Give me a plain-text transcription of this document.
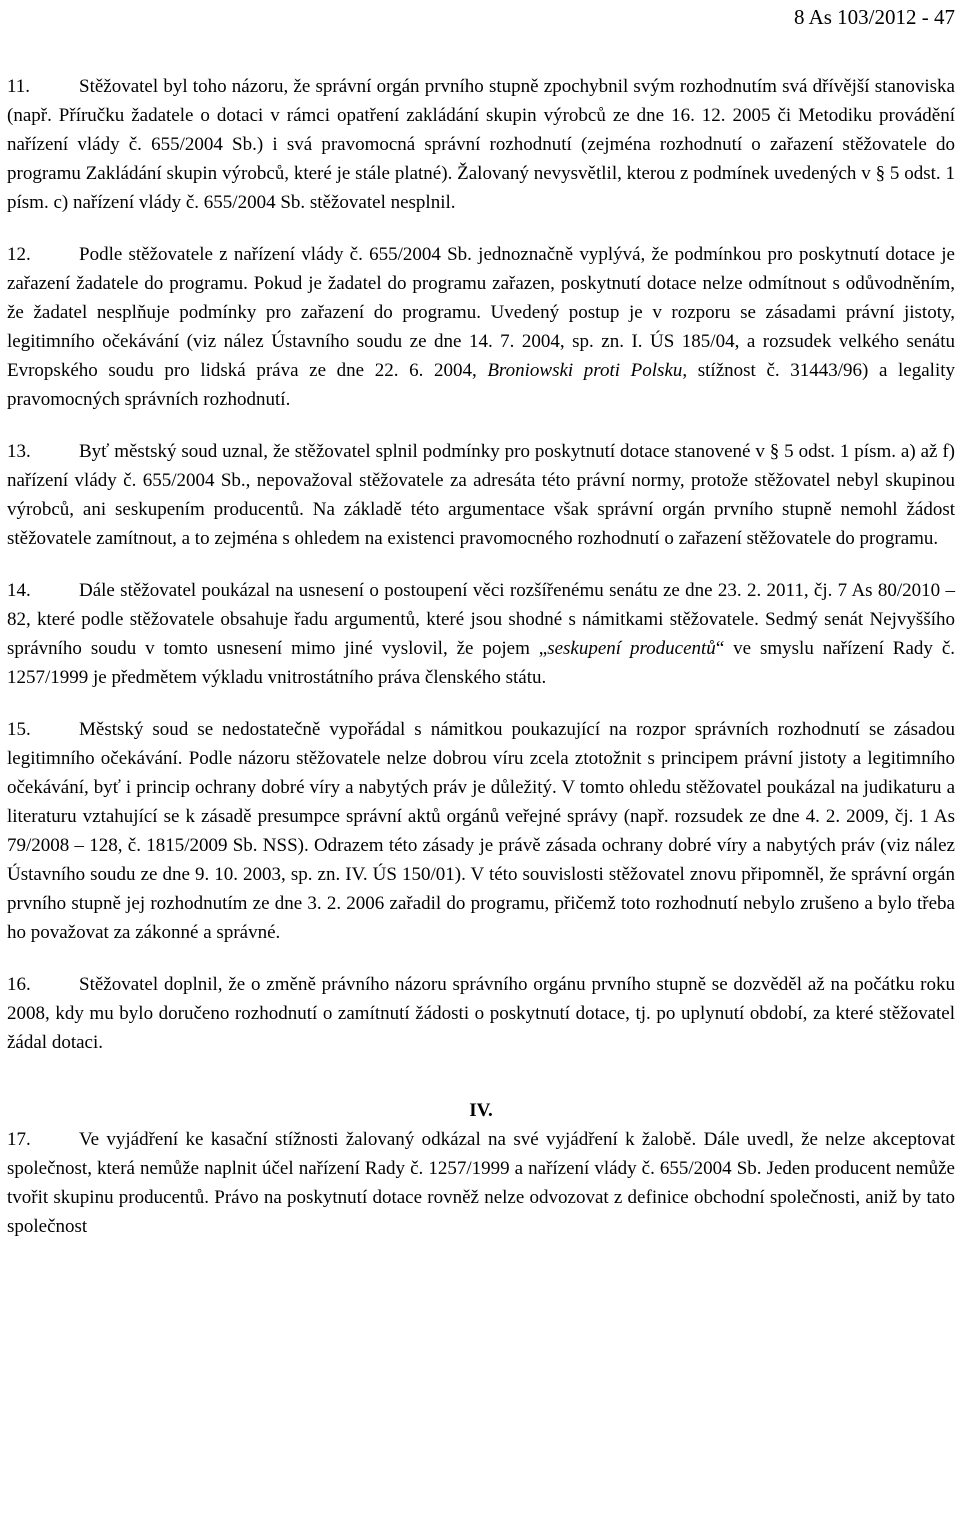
8 As 103/2012 - 47

11.	Stěžovatel byl toho názoru, že správní orgán prvního stupně zpochybnil svým rozhodnutím svá dřívější stanoviska (např. Příručku žadatele o dotaci v rámci opatření zakládání skupin výrobců ze dne 16. 12. 2005 či Metodiku provádění nařízení vlády č. 655/2004 Sb.) i svá pravomocná správní rozhodnutí (zejména rozhodnutí o zařazení stěžovatele do programu Zakládání skupin výrobců, které je stále platné). Žalovaný nevysvětlil, kterou z podmínek uvedených v § 5 odst. 1 písm. c) nařízení vlády č. 655/2004 Sb. stěžovatel nesplnil.

12.	Podle stěžovatele z nařízení vlády č. 655/2004 Sb. jednoznačně vyplývá, že podmínkou pro poskytnutí dotace je zařazení žadatele do programu. Pokud je žadatel do programu zařazen, poskytnutí dotace nelze odmítnout s odůvodněním, že žadatel nesplňuje podmínky pro zařazení do programu. Uvedený postup je v rozporu se zásadami právní jistoty, legitimního očekávání (viz nález Ústavního soudu ze dne 14. 7. 2004, sp. zn. I. ÚS 185/04, a rozsudek velkého senátu Evropského soudu pro lidská práva ze dne 22. 6. 2004, Broniowski proti Polsku, stížnost č. 31443/96) a legality pravomocných správních rozhodnutí.

13.	Byť městský soud uznal, že stěžovatel splnil podmínky pro poskytnutí dotace stanovené v § 5 odst. 1 písm. a) až f) nařízení vlády č. 655/2004 Sb., nepovažoval stěžovatele za adresáta této právní normy, protože stěžovatel nebyl skupinou výrobců, ani seskupením producentů. Na základě této argumentace však správní orgán prvního stupně nemohl žádost stěžovatele zamítnout, a to zejména s ohledem na existenci pravomocného rozhodnutí o zařazení stěžovatele do programu.

14.	Dále stěžovatel poukázal na usnesení o postoupení věci rozšířenému senátu ze dne 23. 2. 2011, čj. 7 As 80/2010 – 82, které podle stěžovatele obsahuje řadu argumentů, které jsou shodné s námitkami stěžovatele. Sedmý senát Nejvyššího správního soudu v tomto usnesení mimo jiné vyslovil, že pojem „seskupení producentů“ ve smyslu nařízení Rady č. 1257/1999 je předmětem výkladu vnitrostátního práva členského státu.

15.	Městský soud se nedostatečně vypořádal s námitkou poukazující na rozpor správních rozhodnutí se zásadou legitimního očekávání. Podle názoru stěžovatele nelze dobrou víru zcela ztotožnit s principem právní jistoty a legitimního očekávání, byť i princip ochrany dobré víry a nabytých práv je důležitý. V tomto ohledu stěžovatel poukázal na judikaturu a literaturu vztahující se k zásadě presumpce správní aktů orgánů veřejné správy (např. rozsudek ze dne 4. 2. 2009, čj. 1 As 79/2008 – 128, č. 1815/2009 Sb. NSS). Odrazem této zásady je právě zásada ochrany dobré víry a nabytých práv (viz nález Ústavního soudu ze dne 9. 10. 2003, sp. zn. IV. ÚS 150/01). V této souvislosti stěžovatel znovu připomněl, že správní orgán prvního stupně jej rozhodnutím ze dne 3. 2. 2006 zařadil do programu, přičemž toto rozhodnutí nebylo zrušeno a bylo třeba ho považovat za zákonné a správné.

16.	Stěžovatel doplnil, že o změně právního názoru správního orgánu prvního stupně se dozvěděl až na počátku roku 2008, kdy mu bylo doručeno rozhodnutí o zamítnutí žádosti o poskytnutí dotace, tj. po uplynutí období, za které stěžovatel žádal dotaci.

IV.

17.	Ve vyjádření ke kasační stížnosti žalovaný odkázal na své vyjádření k žalobě. Dále uvedl, že nelze akceptovat společnost, která nemůže naplnit účel nařízení Rady č. 1257/1999 a nařízení vlády č. 655/2004 Sb. Jeden producent nemůže tvořit skupinu producentů. Právo na poskytnutí dotace rovněž nelze odvozovat z definice obchodní společnosti, aniž by tato společnost
